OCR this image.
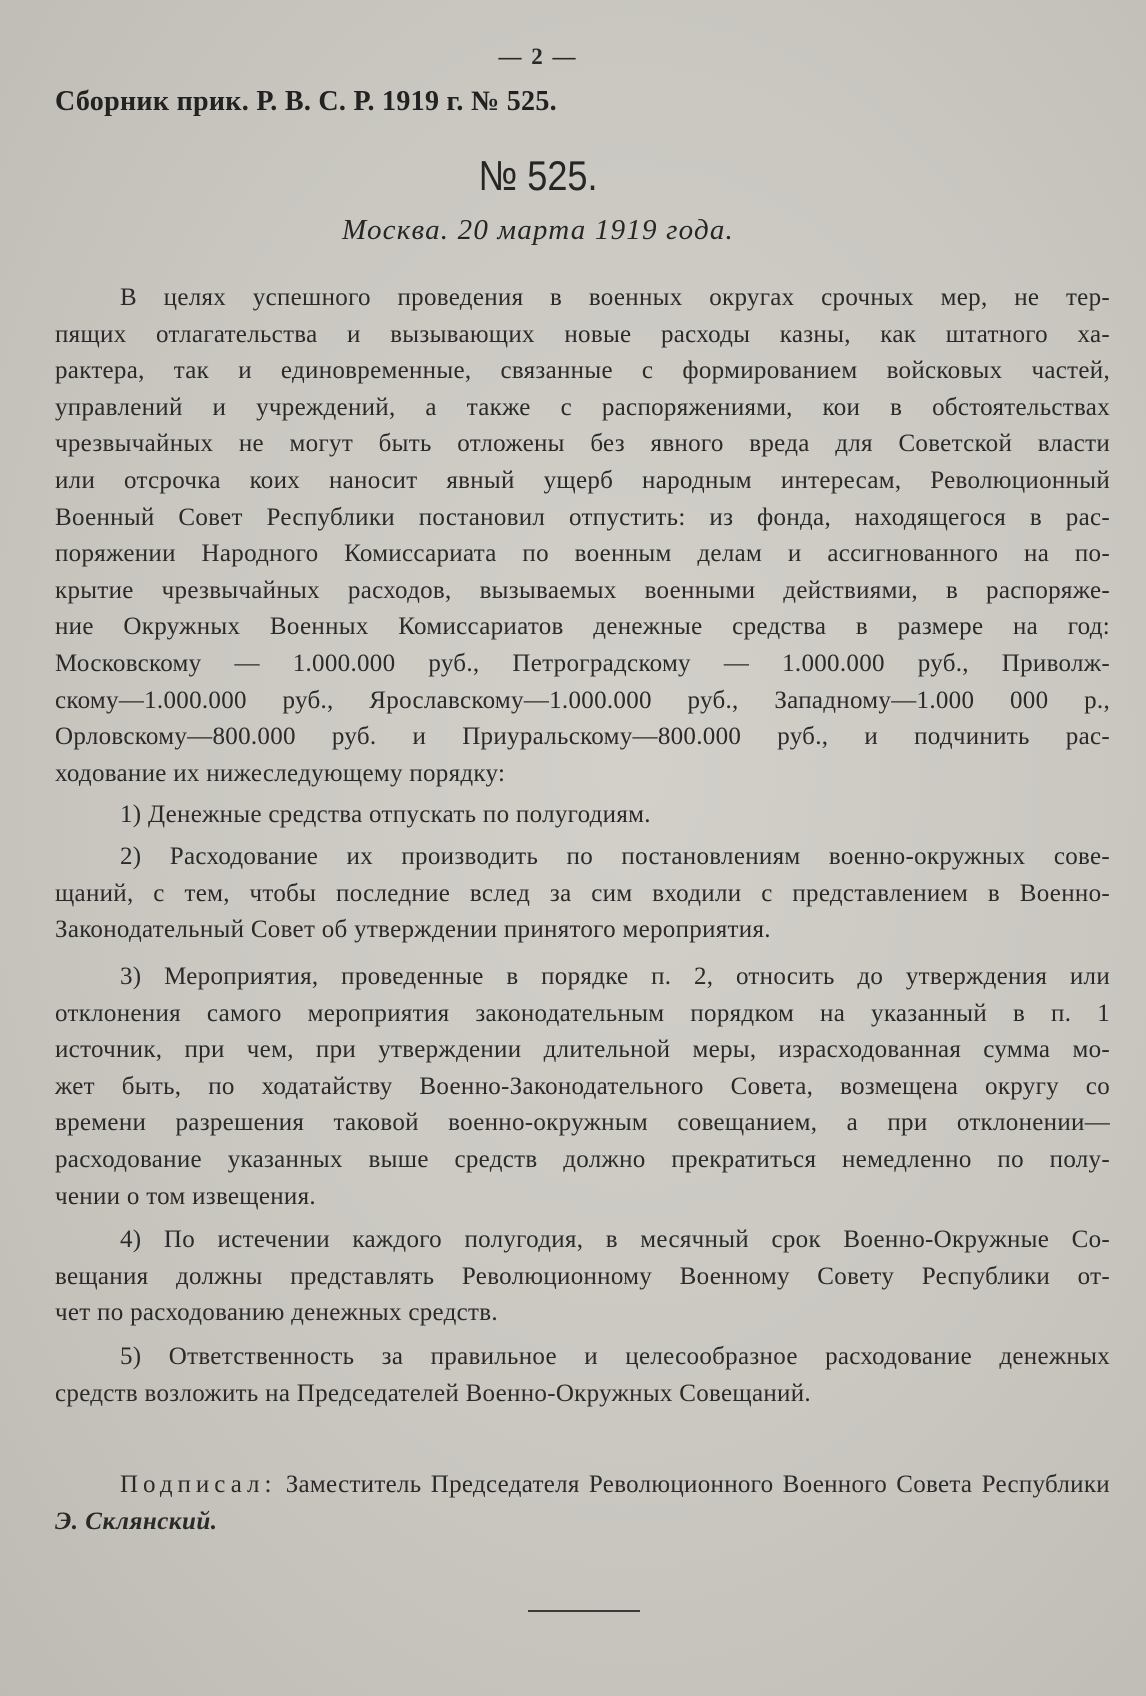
— 2 —
Сборник прик. Р. В. С. Р. 1919 г. № 525.
№ 525.
Москва. 20 марта 1919 года.
В целях успешного проведения в военных округах срочных мер, не тер-
пящих отлагательства и вызывающих новые расходы казны, как штатного ха-
рактера, так и единовременные, связанные с формированием войсковых частей,
управлений и учреждений, а также с распоряжениями, кои в обстоятельствах
чрезвычайных не могут быть отложены без явного вреда для Советской власти
или отсрочка коих наносит явный ущерб народным интересам, Революционный
Военный Совет Республики постановил отпустить: из фонда, находящегося в рас-
поряжении Народного Комиссариата по военным делам и ассигнованного на по-
крытие чрезвычайных расходов, вызываемых военными действиями, в распоряже-
ние Окружных Военных Комиссариатов денежные средства в размере на год:
Московскому — 1.000.000 руб., Петроградскому — 1.000.000 руб., Приволж-
скому—1.000.000 руб., Ярославскому—1.000.000 руб., Западному—1.000 000 р.,
Орловскому—800.000 руб. и Приуральскому—800.000 руб., и подчинить рас-
ходование их нижеследующему порядку:
1) Денежные средства отпускать по полугодиям.
2) Расходование их производить по постановлениям военно-окружных сове-
щаний, с тем, чтобы последние вслед за сим входили с представлением в Военно-
Законодательный Совет об утверждении принятого мероприятия.
3) Мероприятия, проведенные в порядке п. 2, относить до утверждения или
отклонения самого мероприятия законодательным порядком на указанный в п. 1
источник, при чем, при утверждении длительной меры, израсходованная сумма мо-
жет быть, по ходатайству Военно-Законодательного Совета, возмещена округу со
времени разрешения таковой военно-окружным совещанием, а при отклонении—
расходование указанных выше средств должно прекратиться немедленно по полу-
чении о том извещения.
4) По истечении каждого полугодия, в месячный срок Военно-Окружные Со-
вещания должны представлять Революционному Военному Совету Республики от-
чет по расходованию денежных средств.
5) Ответственность за правильное и целесообразное расходование денежных
средств возложить на Председателей Военно-Окружных Совещаний.
Подписал: Заместитель Председателя Революционного Военного Совета Республики
Э. Склянский.
